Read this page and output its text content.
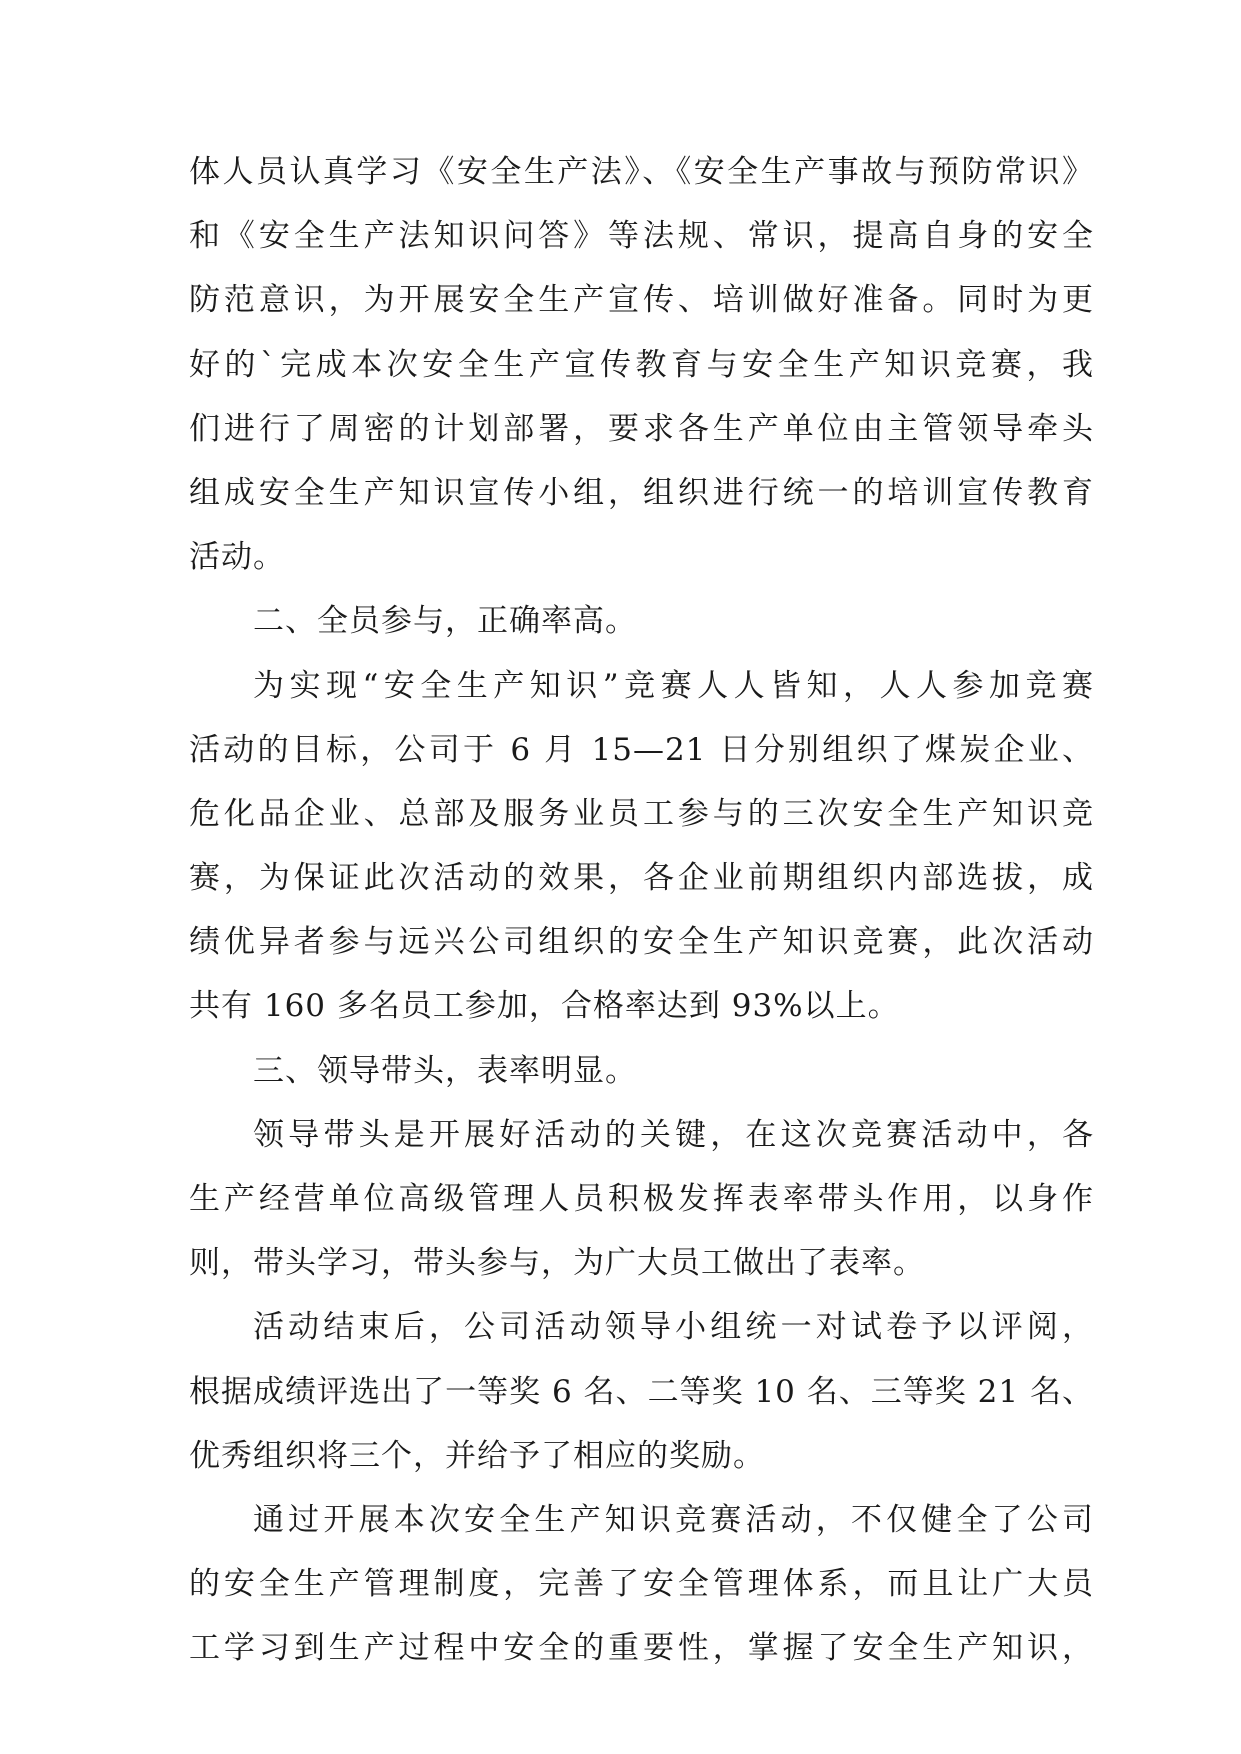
体人员认真学习《安全生产法》、《安全生产事故与预防常识》
和《安全生产法知识问答》等法规、常识，提高自身的安全
防范意识，为开展安全生产宣传、培训做好准备。同时为更
好的`完成本次安全生产宣传教育与安全生产知识竞赛，我
们进行了周密的计划部署，要求各生产单位由主管领导牵头
组成安全生产知识宣传小组，组织进行统一的培训宣传教育
活动。
二、全员参与，正确率高。
为实现“安全生产知识”竞赛人人皆知，人人参加竞赛
活动的目标，公司于 6 月 15—21 日分别组织了煤炭企业、
危化品企业、总部及服务业员工参与的三次安全生产知识竞
赛，为保证此次活动的效果，各企业前期组织内部选拔，成
绩优异者参与远兴公司组织的安全生产知识竞赛，此次活动
共有 160 多名员工参加，合格率达到 93%以上。
三、领导带头，表率明显。
领导带头是开展好活动的关键，在这次竞赛活动中，各
生产经营单位高级管理人员积极发挥表率带头作用，以身作
则，带头学习，带头参与，为广大员工做出了表率。
活动结束后，公司活动领导小组统一对试卷予以评阅，
根据成绩评选出了一等奖 6 名、二等奖 10 名、三等奖 21 名、
优秀组织将三个，并给予了相应的奖励。
通过开展本次安全生产知识竞赛活动，不仅健全了公司
的安全生产管理制度，完善了安全管理体系，而且让广大员
工学习到生产过程中安全的重要性，掌握了安全生产知识，
